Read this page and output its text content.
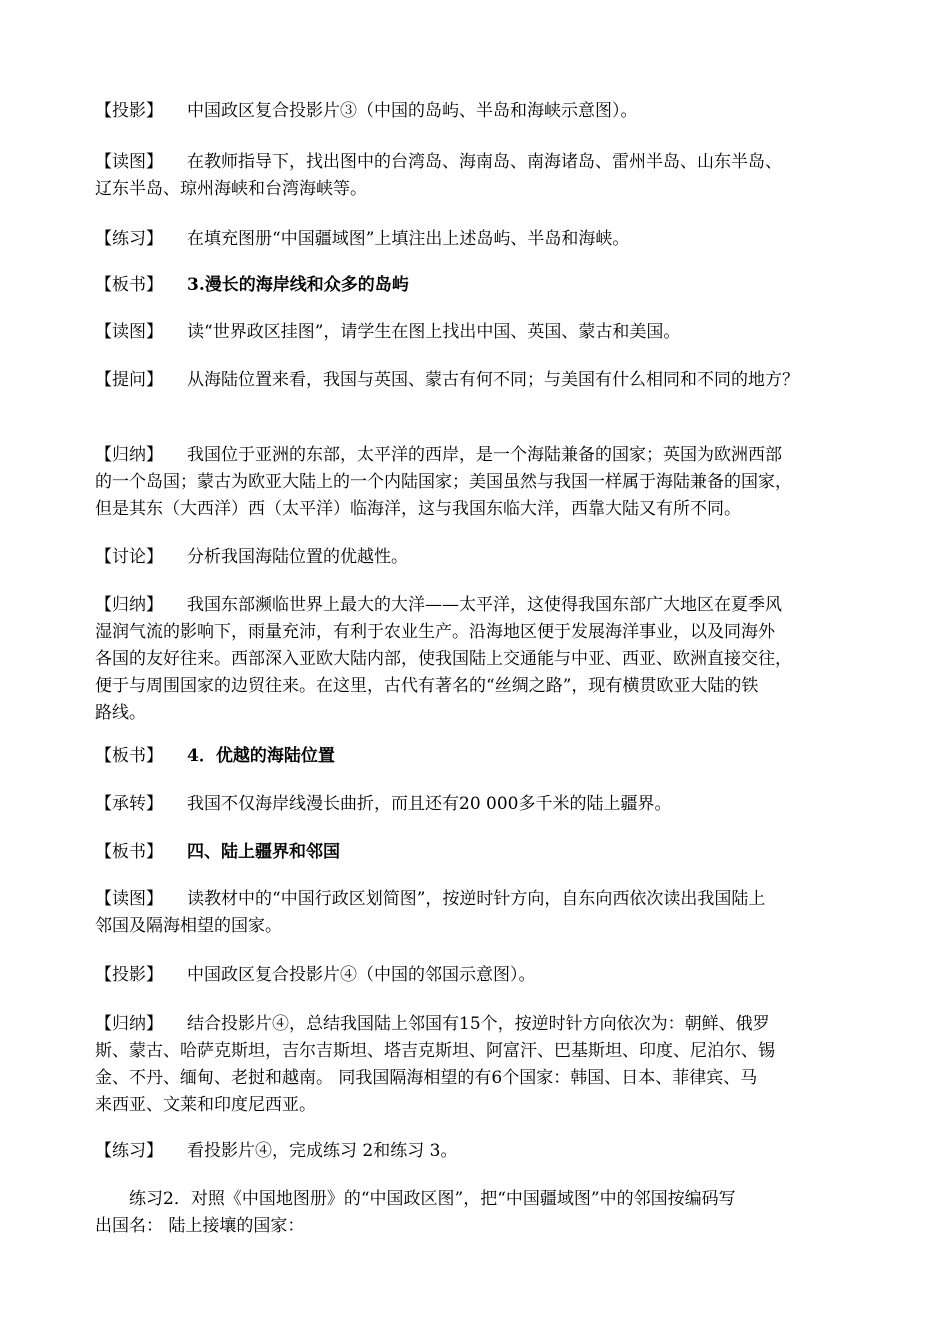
【投影】 中国政区复合投影片③（中国的岛屿、半岛和海峡示意图）。

【读图】 在教师指导下，找出图中的台湾岛、海南岛、南海诸岛、雷州半岛、山东半岛、
辽东半岛、琼州海峡和台湾海峡等。

【练习】 在填充图册“中国疆域图”上填注出上述岛屿、半岛和海峡。

【板书】 3.漫长的海岸线和众多的岛屿

【读图】 读“世界政区挂图”，请学生在图上找出中国、英国、蒙古和美国。

【提问】 从海陆位置来看，我国与英国、蒙古有何不同；与美国有什么相同和不同的地方？

【归纳】 我国位于亚洲的东部，太平洋的西岸，是一个海陆兼备的国家；英国为欧洲西部
的一个岛国；蒙古为欧亚大陆上的一个内陆国家；美国虽然与我国一样属于海陆兼备的国家，
但是其东（大西洋）西（太平洋）临海洋，这与我国东临大洋，西靠大陆又有所不同。

【讨论】 分析我国海陆位置的优越性。

【归纳】 我国东部濒临世界上最大的大洋——太平洋，这使得我国东部广大地区在夏季风
湿润气流的影响下，雨量充沛，有利于农业生产。沿海地区便于发展海洋事业，以及同海外
各国的友好往来。西部深入亚欧大陆内部，使我国陆上交通能与中亚、西亚、欧洲直接交往，
便于与周围国家的边贸往来。在这里，古代有著名的“丝绸之路”，现有横贯欧亚大陆的铁
路线。

【板书】 4．优越的海陆位置

【承转】 我国不仅海岸线漫长曲折，而且还有20 000多千米的陆上疆界。

【板书】 四、陆上疆界和邻国

【读图】 读教材中的“中国行政区划简图”，按逆时针方向，自东向西依次读出我国陆上
邻国及隔海相望的国家。

【投影】 中国政区复合投影片④（中国的邻国示意图）。

【归纳】 结合投影片④，总结我国陆上邻国有15个，按逆时针方向依次为：朝鲜、俄罗
斯、蒙古、哈萨克斯坦，吉尔吉斯坦、塔吉克斯坦、阿富汗、巴基斯坦、印度、尼泊尔、锡
金、不丹、缅甸、老挝和越南。 同我国隔海相望的有6个国家：韩国、日本、菲律宾、马
来西亚、文莱和印度尼西亚。

【练习】 看投影片④，完成练习 2和练习 3。

练习2．对照《中国地图册》的“中国政区图”，把“中国疆域图”中的邻国按编码写
出国名： 陆上接壤的国家：
